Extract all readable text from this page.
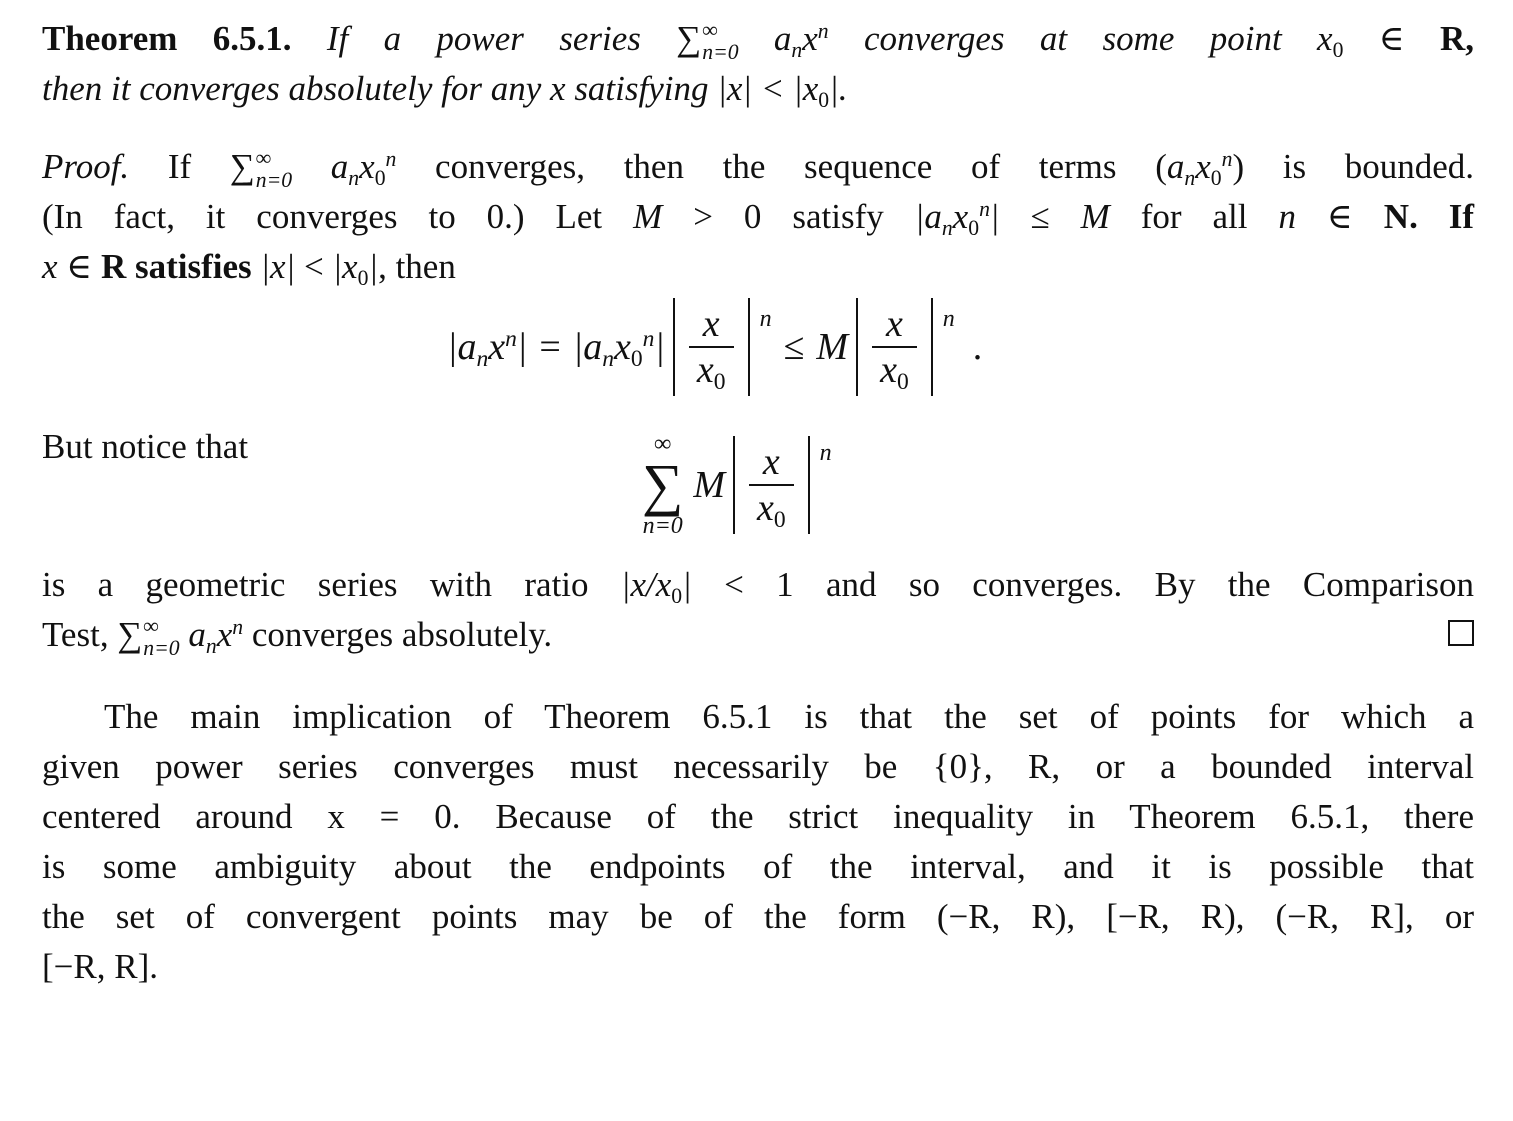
Theorem 6.5.1. If a power series ∑ ∞
n=0 $a_nx^n$ converges at some point $x_0$ ∈ R,
then it converges absolutely for any x satisfying $|x| < |x_0|$.
Proof. If ∑ ∞
n=0 $a_nx_0^n$ converges, then the sequence of terms $(a_nx_0^n)$ is bounded.
(In fact, it converges to 0.) Let M > 0 satisfy $|a_nx_0^n| \le M$ for all n ∈ N. If
x ∈ R satisfies $|x| < |x_0|$, then
$|a_nx^n| = |a_nx_0^n| \frac{x}{x_0}$ n
≤ M $\frac{x}{x_0}$ n
.
But notice that	∞
∑
n=0
M $\frac{x}{x_0}$ n
is a geometric series with ratio $|x/x_0| < 1$ and so converges. By the Comparison
Test, ∑ ∞
n=0 $a_nx^n$ converges absolutely.
The main implication of Theorem 6.5.1 is that the set of points for which a
given power series converges must necessarily be {0}, R, or a bounded interval
centered around x = 0. Because of the strict inequality in Theorem 6.5.1, there
is some ambiguity about the endpoints of the interval, and it is possible that
the set of convergent points may be of the form (−R, R), [−R, R), (−R, R], or
[−R, R].
